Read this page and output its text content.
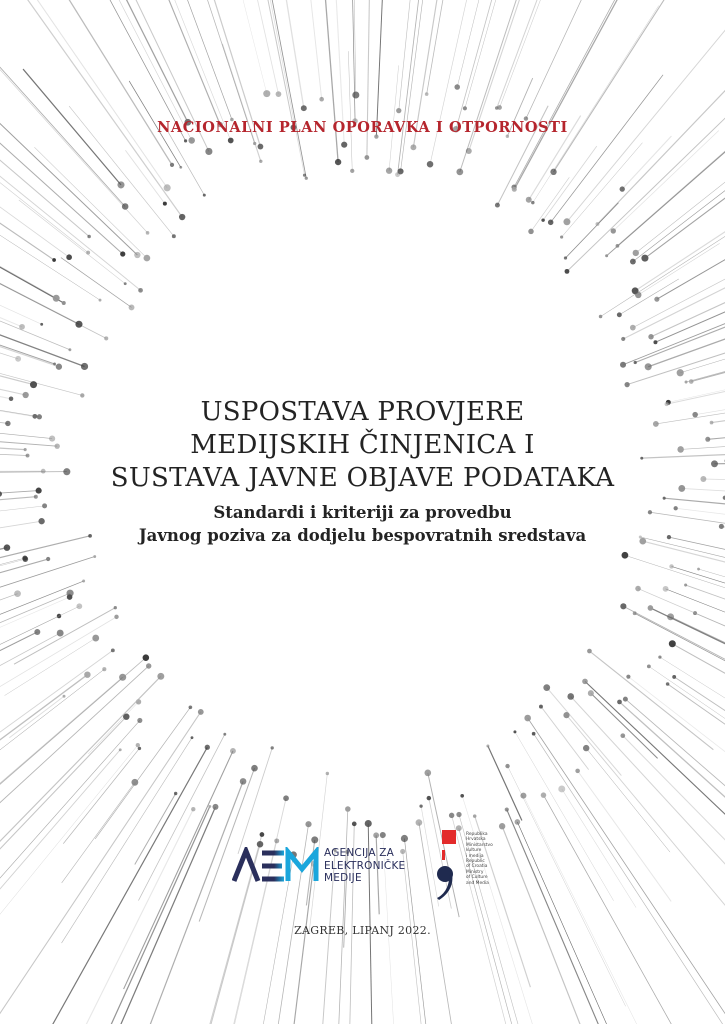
NACIONALNI PLAN OPORAVKA I OTPORNOSTI
USPOSTAVA PROVJERE
MEDIJSKIH ČINJENICA I
SUSTAVA JAVNE OBJAVE PODATAKA
Standardi i kriteriji za provedbu
Javnog poziva za dodjelu bespovratnih sredstava
AGENCIJA ZA
ELEKTRONIČKE
MEDIJE
Republika
Hrvatska
Ministarstvo
kulture
i medija
Republic
of Croatia
Ministry
of Culture
and Media
ZAGREB, LIPANJ 2022.
